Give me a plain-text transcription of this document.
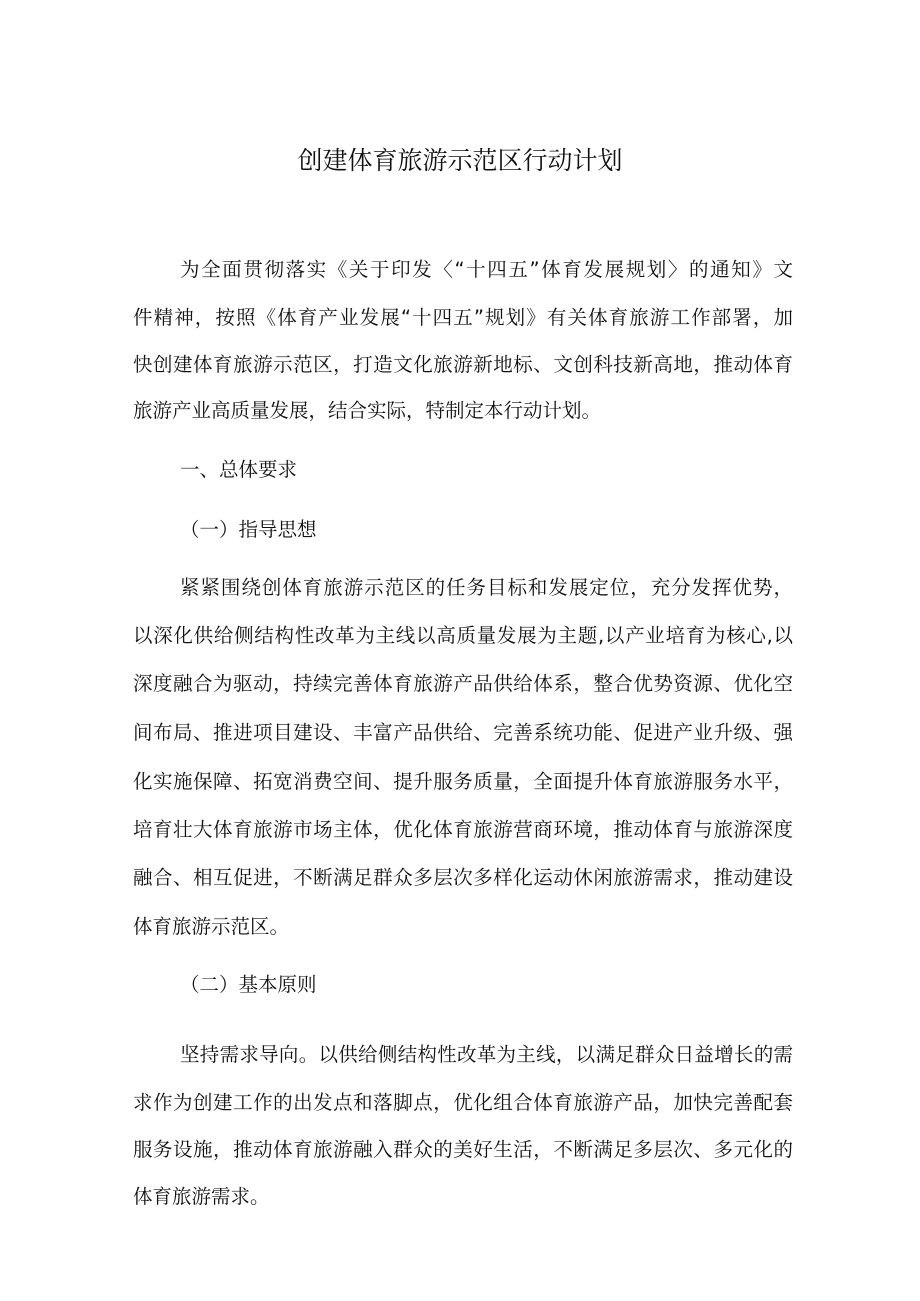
创建体育旅游示范区行动计划
为全面贯彻落实《关于印发〈“十四五”体育发展规划〉的通知》文
件精神，按照《体育产业发展“十四五”规划》有关体育旅游工作部署，加
快创建体育旅游示范区，打造文化旅游新地标、文创科技新高地，推动体育
旅游产业高质量发展，结合实际，特制定本行动计划。
一、总体要求
（一）指导思想
紧紧围绕创体育旅游示范区的任务目标和发展定位，充分发挥优势，
以深化供给侧结构性改革为主线以高质量发展为主题,以产业培育为核心,以
深度融合为驱动，持续完善体育旅游产品供给体系，整合优势资源、优化空
间布局、推进项目建设、丰富产品供给、完善系统功能、促进产业升级、强
化实施保障、拓宽消费空间、提升服务质量，全面提升体育旅游服务水平，
培育壮大体育旅游市场主体，优化体育旅游营商环境，推动体育与旅游深度
融合、相互促进，不断满足群众多层次多样化运动休闲旅游需求，推动建设
体育旅游示范区。
（二）基本原则
坚持需求导向。以供给侧结构性改革为主线，以满足群众日益增长的需
求作为创建工作的出发点和落脚点，优化组合体育旅游产品，加快完善配套
服务设施，推动体育旅游融入群众的美好生活，不断满足多层次、多元化的
体育旅游需求。
